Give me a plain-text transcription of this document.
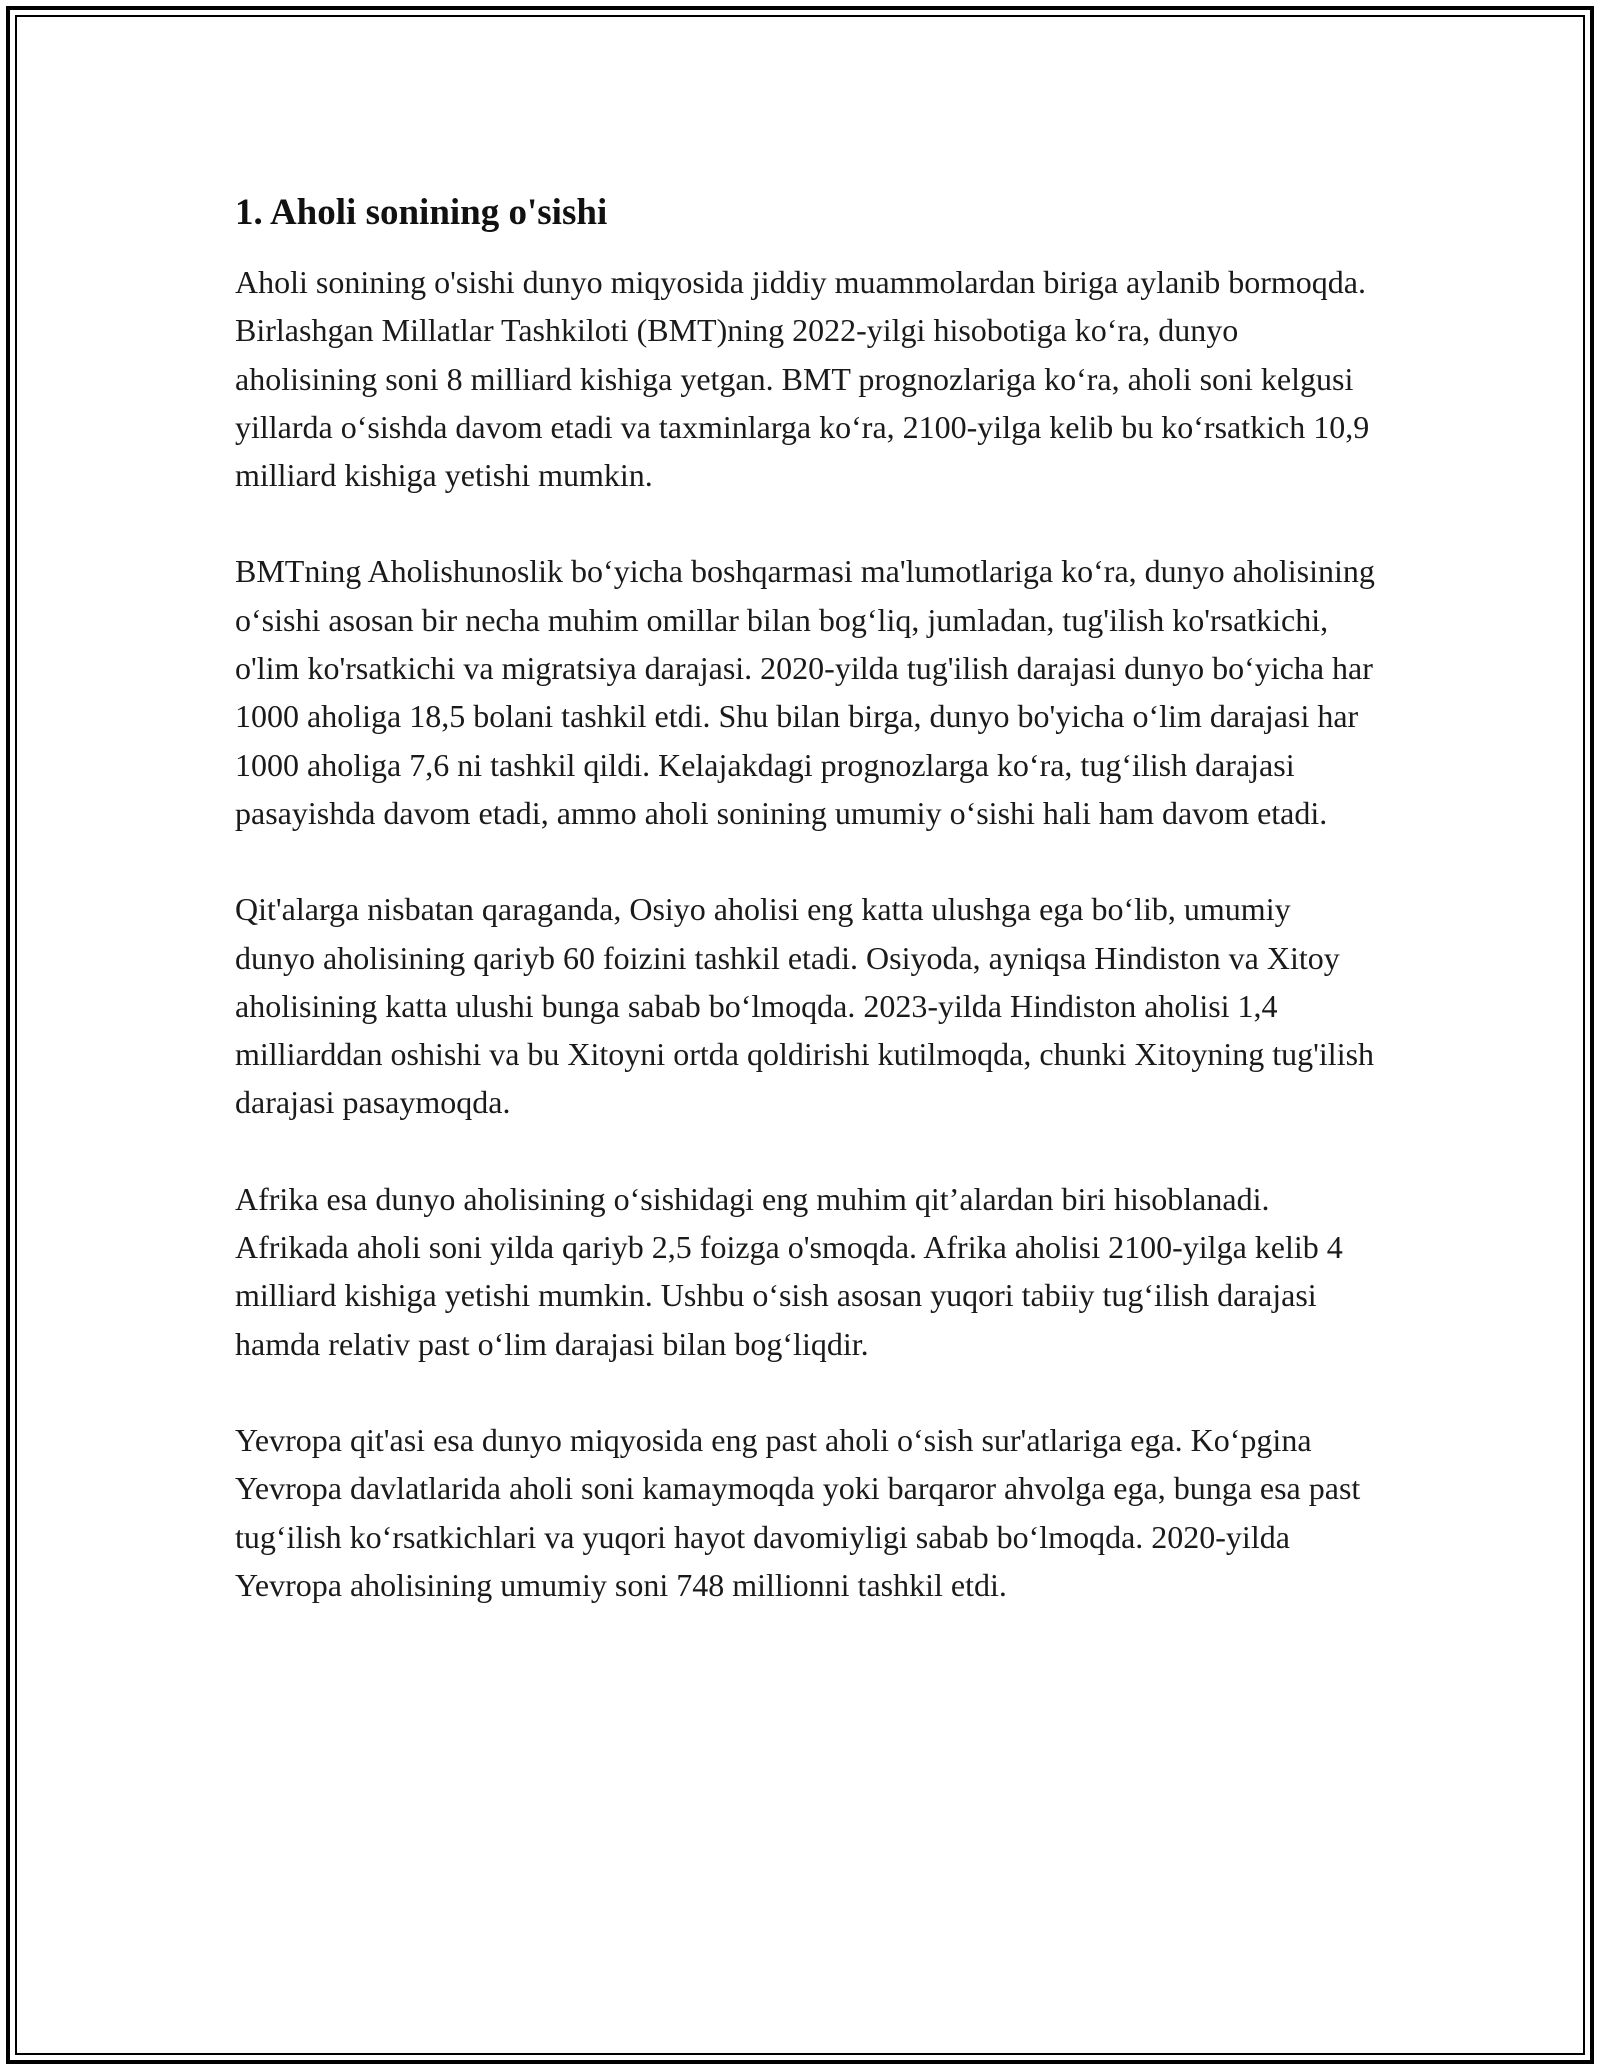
1. Aholi sonining o'sishi

Aholi sonining o'sishi dunyo miqyosida jiddiy muammolardan biriga aylanib bormoqda. Birlashgan Millatlar Tashkiloti (BMT)ning 2022-yilgi hisobotiga ko‘ra, dunyo aholisining soni 8 milliard kishiga yetgan. BMT prognozlariga ko‘ra, aholi soni kelgusi yillarda o‘sishda davom etadi va taxminlarga ko‘ra, 2100-yilga kelib bu ko‘rsatkich 10,9 milliard kishiga yetishi mumkin.

BMTning Aholishunoslik bo‘yicha boshqarmasi ma'lumotlariga ko‘ra, dunyo aholisining o‘sishi asosan bir necha muhim omillar bilan bog‘liq, jumladan, tug'ilish ko'rsatkichi, o'lim ko'rsatkichi va migratsiya darajasi. 2020-yilda tug'ilish darajasi dunyo bo‘yicha har 1000 aholiga 18,5 bolani tashkil etdi. Shu bilan birga, dunyo bo'yicha o‘lim darajasi har 1000 aholiga 7,6 ni tashkil qildi. Kelajakdagi prognozlarga ko‘ra, tug‘ilish darajasi pasayishda davom etadi, ammo aholi sonining umumiy o‘sishi hali ham davom etadi.

Qit'alarga nisbatan qaraganda, Osiyo aholisi eng katta ulushga ega bo‘lib, umumiy dunyo aholisining qariyb 60 foizini tashkil etadi. Osiyoda, ayniqsa Hindiston va Xitoy aholisining katta ulushi bunga sabab bo‘lmoqda. 2023-yilda Hindiston aholisi 1,4 milliarddan oshishi va bu Xitoyni ortda qoldirishi kutilmoqda, chunki Xitoyning tug'ilish darajasi pasaymoqda.

Afrika esa dunyo aholisining o‘sishidagi eng muhim qit’alardan biri hisoblanadi. Afrikada aholi soni yilda qariyb 2,5 foizga o'smoqda. Afrika aholisi 2100-yilga kelib 4 milliard kishiga yetishi mumkin. Ushbu o‘sish asosan yuqori tabiiy tug‘ilish darajasi hamda relativ past o‘lim darajasi bilan bog‘liqdir.

Yevropa qit'asi esa dunyo miqyosida eng past aholi o‘sish sur'atlariga ega. Ko‘pgina Yevropa davlatlarida aholi soni kamaymoqda yoki barqaror ahvolga ega, bunga esa past tug‘ilish ko‘rsatkichlari va yuqori hayot davomiyligi sabab bo‘lmoqda. 2020-yilda Yevropa aholisining umumiy soni 748 millionni tashkil etdi.
